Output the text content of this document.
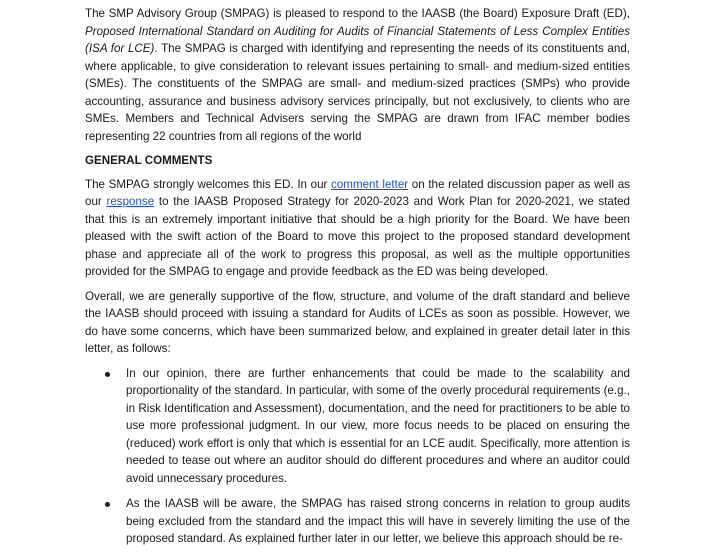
The SMP Advisory Group (SMPAG) is pleased to respond to the IAASB (the Board) Exposure Draft (ED), Proposed International Standard on Auditing for Audits of Financial Statements of Less Complex Entities (ISA for LCE). The SMPAG is charged with identifying and representing the needs of its constituents and, where applicable, to give consideration to relevant issues pertaining to small- and medium-sized entities (SMEs). The constituents of the SMPAG are small- and medium-sized practices (SMPs) who provide accounting, assurance and business advisory services principally, but not exclusively, to clients who are SMEs. Members and Technical Advisers serving the SMPAG are drawn from IFAC member bodies representing 22 countries from all regions of the world

GENERAL COMMENTS

The SMPAG strongly welcomes this ED. In our comment letter on the related discussion paper as well as our response to the IAASB Proposed Strategy for 2020-2023 and Work Plan for 2020-2021, we stated that this is an extremely important initiative that should be a high priority for the Board. We have been pleased with the swift action of the Board to move this project to the proposed standard development phase and appreciate all of the work to progress this proposal, as well as the multiple opportunities provided for the SMPAG to engage and provide feedback as the ED was being developed.

Overall, we are generally supportive of the flow, structure, and volume of the draft standard and believe the IAASB should proceed with issuing a standard for Audits of LCEs as soon as possible. However, we do have some concerns, which have been summarized below, and explained in greater detail later in this letter, as follows:

In our opinion, there are further enhancements that could be made to the scalability and proportionality of the standard. In particular, with some of the overly procedural requirements (e.g., in Risk Identification and Assessment), documentation, and the need for practitioners to be able to use more professional judgment. In our view, more focus needs to be placed on ensuring the (reduced) work effort is only that which is essential for an LCE audit. Specifically, more attention is needed to tease out where an auditor should do different procedures and where an auditor could avoid unnecessary procedures.
As the IAASB will be aware, the SMPAG has raised strong concerns in relation to group audits being excluded from the standard and the impact this will have in severely limiting the use of the proposed standard. As explained further later in our letter, we believe this approach should be re-
